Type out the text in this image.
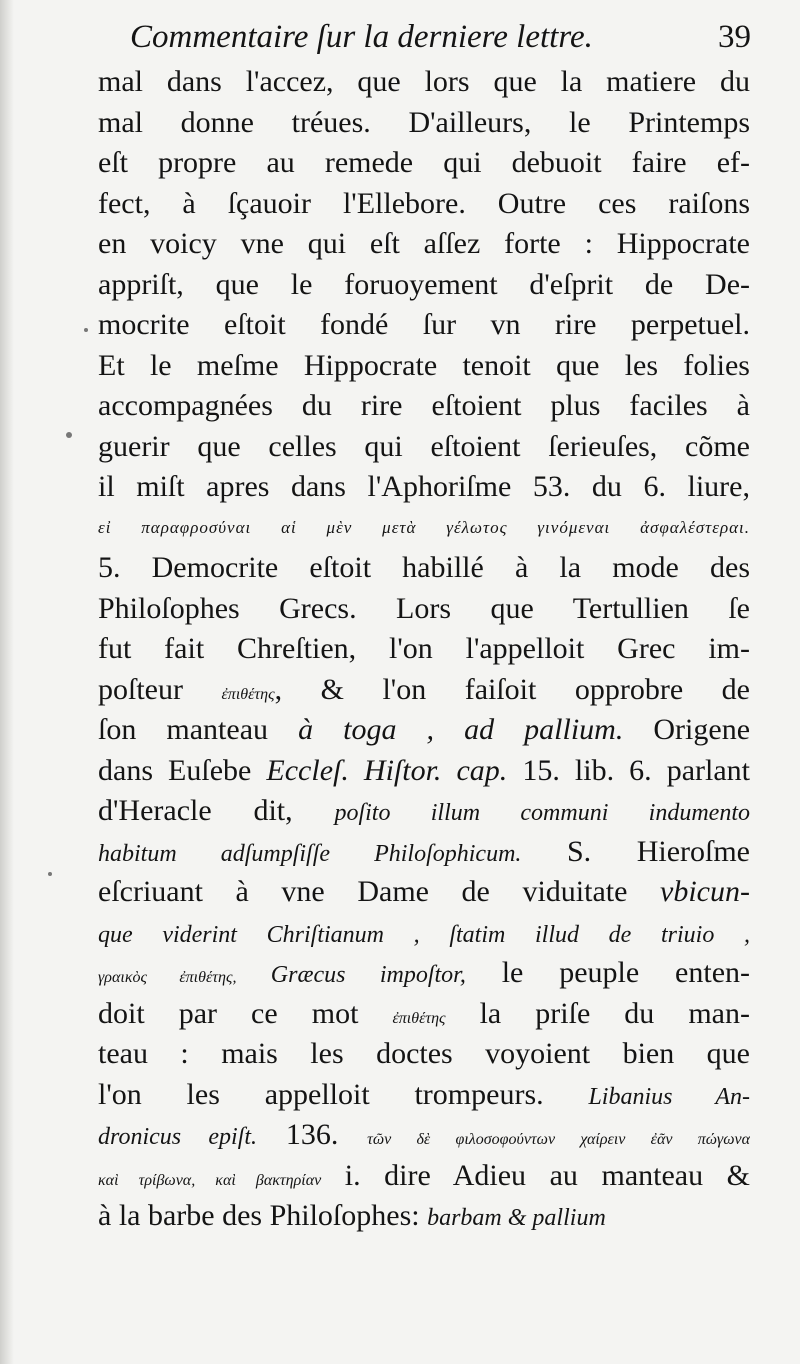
Commentaire ſur la derniere lettre.	39
mal dans l'accez, que lors que la matiere du
mal donne tréues. D'ailleurs, le Printemps
eſt propre au remede qui debuoit faire ef-
fect, à ſçauoir l'Ellebore. Outre ces raiſons
en voicy vne qui eſt aſſez forte : Hippocrate
appriſt, que le foruoyement d'eſprit de De-
mocrite eſtoit fondé ſur vn rire perpetuel.
Et le meſme Hippocrate tenoit que les folies
accompagnées du rire eſtoient plus faciles à
guerir que celles qui eſtoient ſerieuſes, cõme
il miſt apres dans l'Aphoriſme 53. du 6. liure,
εἰ παραφροσύναι αἱ μὲν μετὰ γέλωτος γινόμεναι ἀσφαλέστεραι.
5. Democrite eſtoit habillé à la mode des
Philoſophes Grecs. Lors que Tertullien ſe
fut fait Chreſtien, l'on l'appelloit Grec im-
poſteur ἐπιθέτης, & l'on faiſoit opprobre de
ſon manteau à toga , ad pallium. Origene
dans Euſebe Eccleſ. Hiſtor. cap. 15. lib. 6. parlant
d'Heracle dit, poſito illum communi indumento
habitum adſumpſiſſe Philoſophicum. S. Hieroſme
eſcriuant à vne Dame de viduitate vbicun-
que viderint Chriſtianum , ſtatim illud de triuio ,
γραικὸς ἐπιθέτης, Græcus impoſtor, le peuple enten-
doit par ce mot ἐπιθέτης la priſe du man-
teau : mais les doctes voyoient bien que
l'on les appelloit trompeurs. Libanius An-
dronicus epiſt. 136. τῶν δὲ φιλοσοφούντων χαίρειν ἐᾶν πώγωνα
καὶ τρίβωνα, καὶ βακτηρίαν i. dire Adieu au manteau &
à la barbe des Philoſophes: barbam & pallium
